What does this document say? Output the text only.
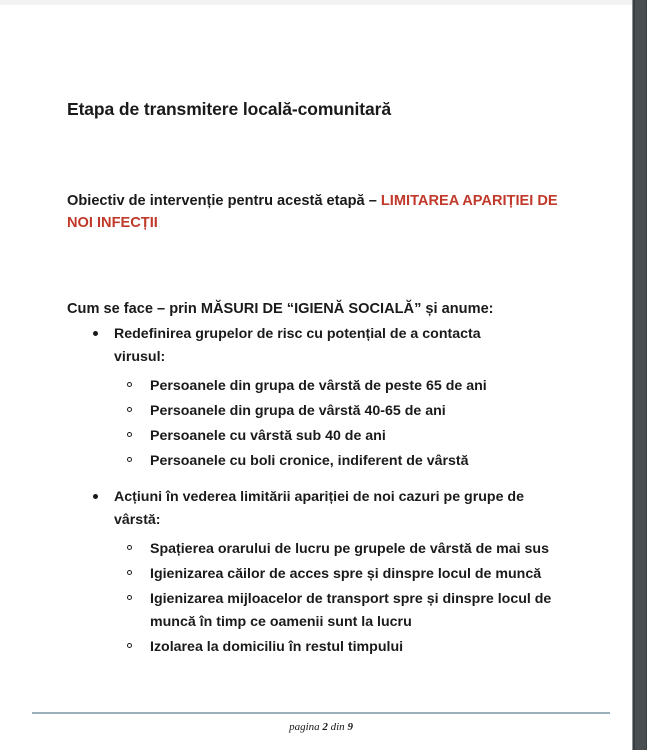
Etapa de transmitere locală-comunitară

Obiectiv de intervenție pentru acestă etapă – LIMITAREA APARIȚIEI DE NOI INFECȚII

Cum se face – prin MĂSURI DE “IGIENĂ SOCIALĂ” și anume:

Redefinirea grupelor de risc cu potențial de a contacta virusul:
Persoanele din grupa de vârstă de peste 65 de ani
Persoanele din grupa de vârstă 40-65 de ani
Persoanele cu vârstă sub 40 de ani
Persoanele cu boli cronice, indiferent de vârstă
Acțiuni în vederea limitării apariției de noi cazuri pe grupe de vârstă:
Spațierea orarului de lucru pe grupele de vârstă de mai sus
Igienizarea căilor de acces spre și dinspre locul de muncă
Igienizarea mijloacelor de transport spre și dinspre locul de muncă în timp ce oamenii sunt la lucru
Izolarea la domiciliu în restul timpului
pagina 2 din 9
